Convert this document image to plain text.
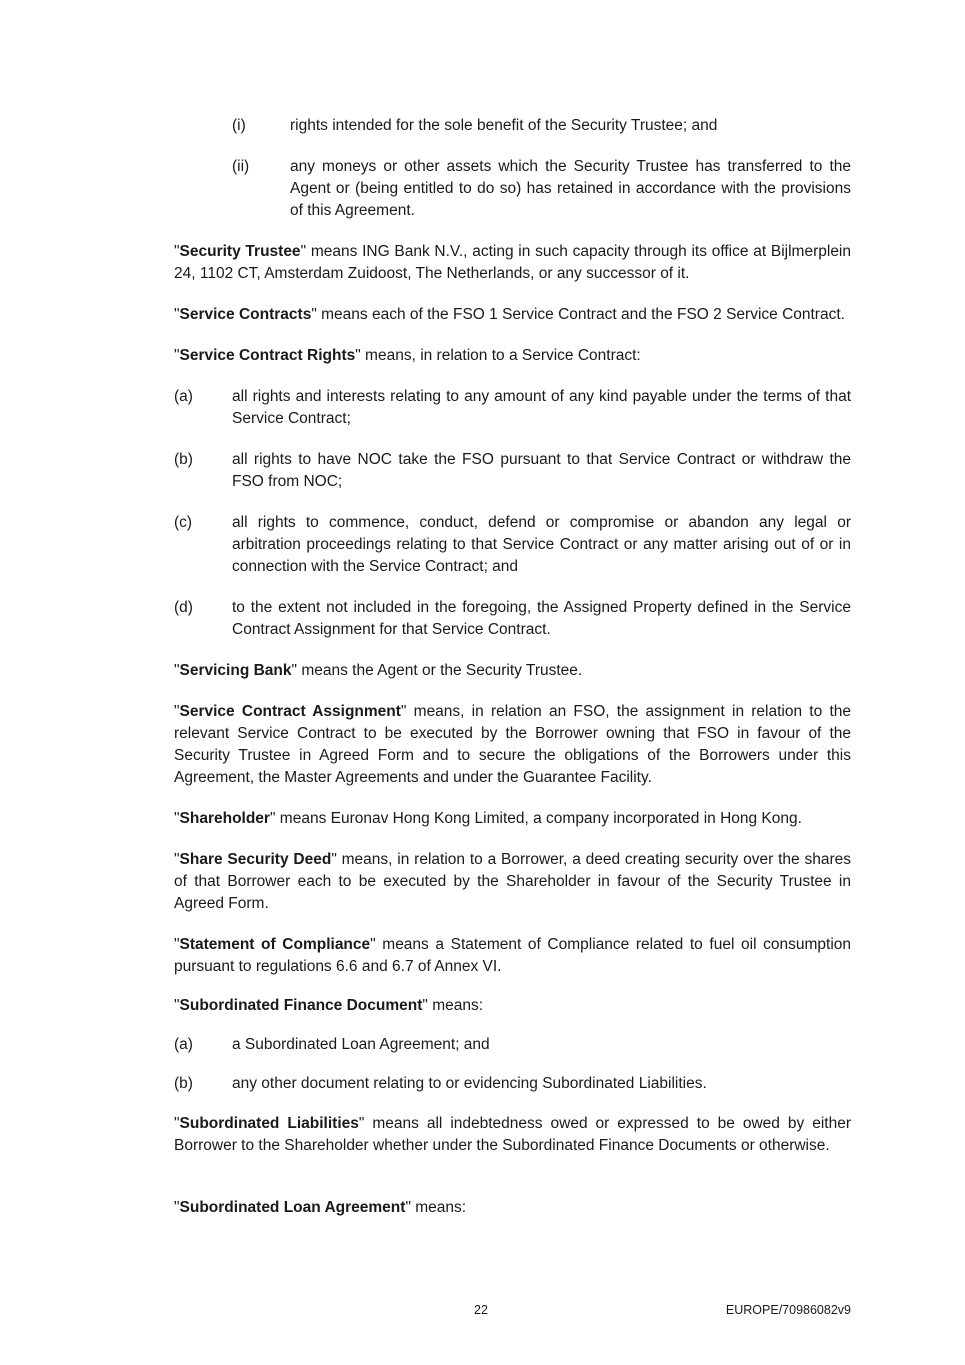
(i)	rights intended for the sole benefit of the Security Trustee; and
(ii)	any moneys or other assets which the Security Trustee has transferred to the Agent or (being entitled to do so) has retained in accordance with the provisions of this Agreement.

"Security Trustee" means ING Bank N.V., acting in such capacity through its office at Bijlmerplein 24, 1102 CT, Amsterdam Zuidoost, The Netherlands, or any successor of it.

"Service Contracts" means each of the FSO 1 Service Contract and the FSO 2 Service Contract.

"Service Contract Rights" means, in relation to a Service Contract:

(a)	all rights and interests relating to any amount of any kind payable under the terms of that Service Contract;
(b)	all rights to have NOC take the FSO pursuant to that Service Contract or withdraw the FSO from NOC;
(c)	all rights to commence, conduct, defend or compromise or abandon any legal or arbitration proceedings relating to that Service Contract or any matter arising out of or in connection with the Service Contract; and
(d)	to the extent not included in the foregoing, the Assigned Property defined in the Service Contract Assignment for that Service Contract.

"Servicing Bank" means the Agent or the Security Trustee.

"Service Contract Assignment" means, in relation an FSO, the assignment in relation to the relevant Service Contract to be executed by the Borrower owning that FSO in favour of the Security Trustee in Agreed Form and to secure the obligations of the Borrowers under this Agreement, the Master Agreements and under the Guarantee Facility.

"Shareholder" means Euronav Hong Kong Limited, a company incorporated in Hong Kong.

"Share Security Deed" means, in relation to a Borrower, a deed creating security over the shares of that Borrower each to be executed by the Shareholder in favour of the Security Trustee in Agreed Form.

"Statement of Compliance" means a Statement of Compliance related to fuel oil consumption pursuant to regulations 6.6 and 6.7 of Annex VI.

"Subordinated Finance Document" means:

(a)	a Subordinated Loan Agreement; and
(b)	any other document relating to or evidencing Subordinated Liabilities.

"Subordinated Liabilities" means all indebtedness owed or expressed to be owed by either Borrower to the Shareholder whether under the Subordinated Finance Documents or otherwise.

"Subordinated Loan Agreement" means:

22	EUROPE/70986082v9
